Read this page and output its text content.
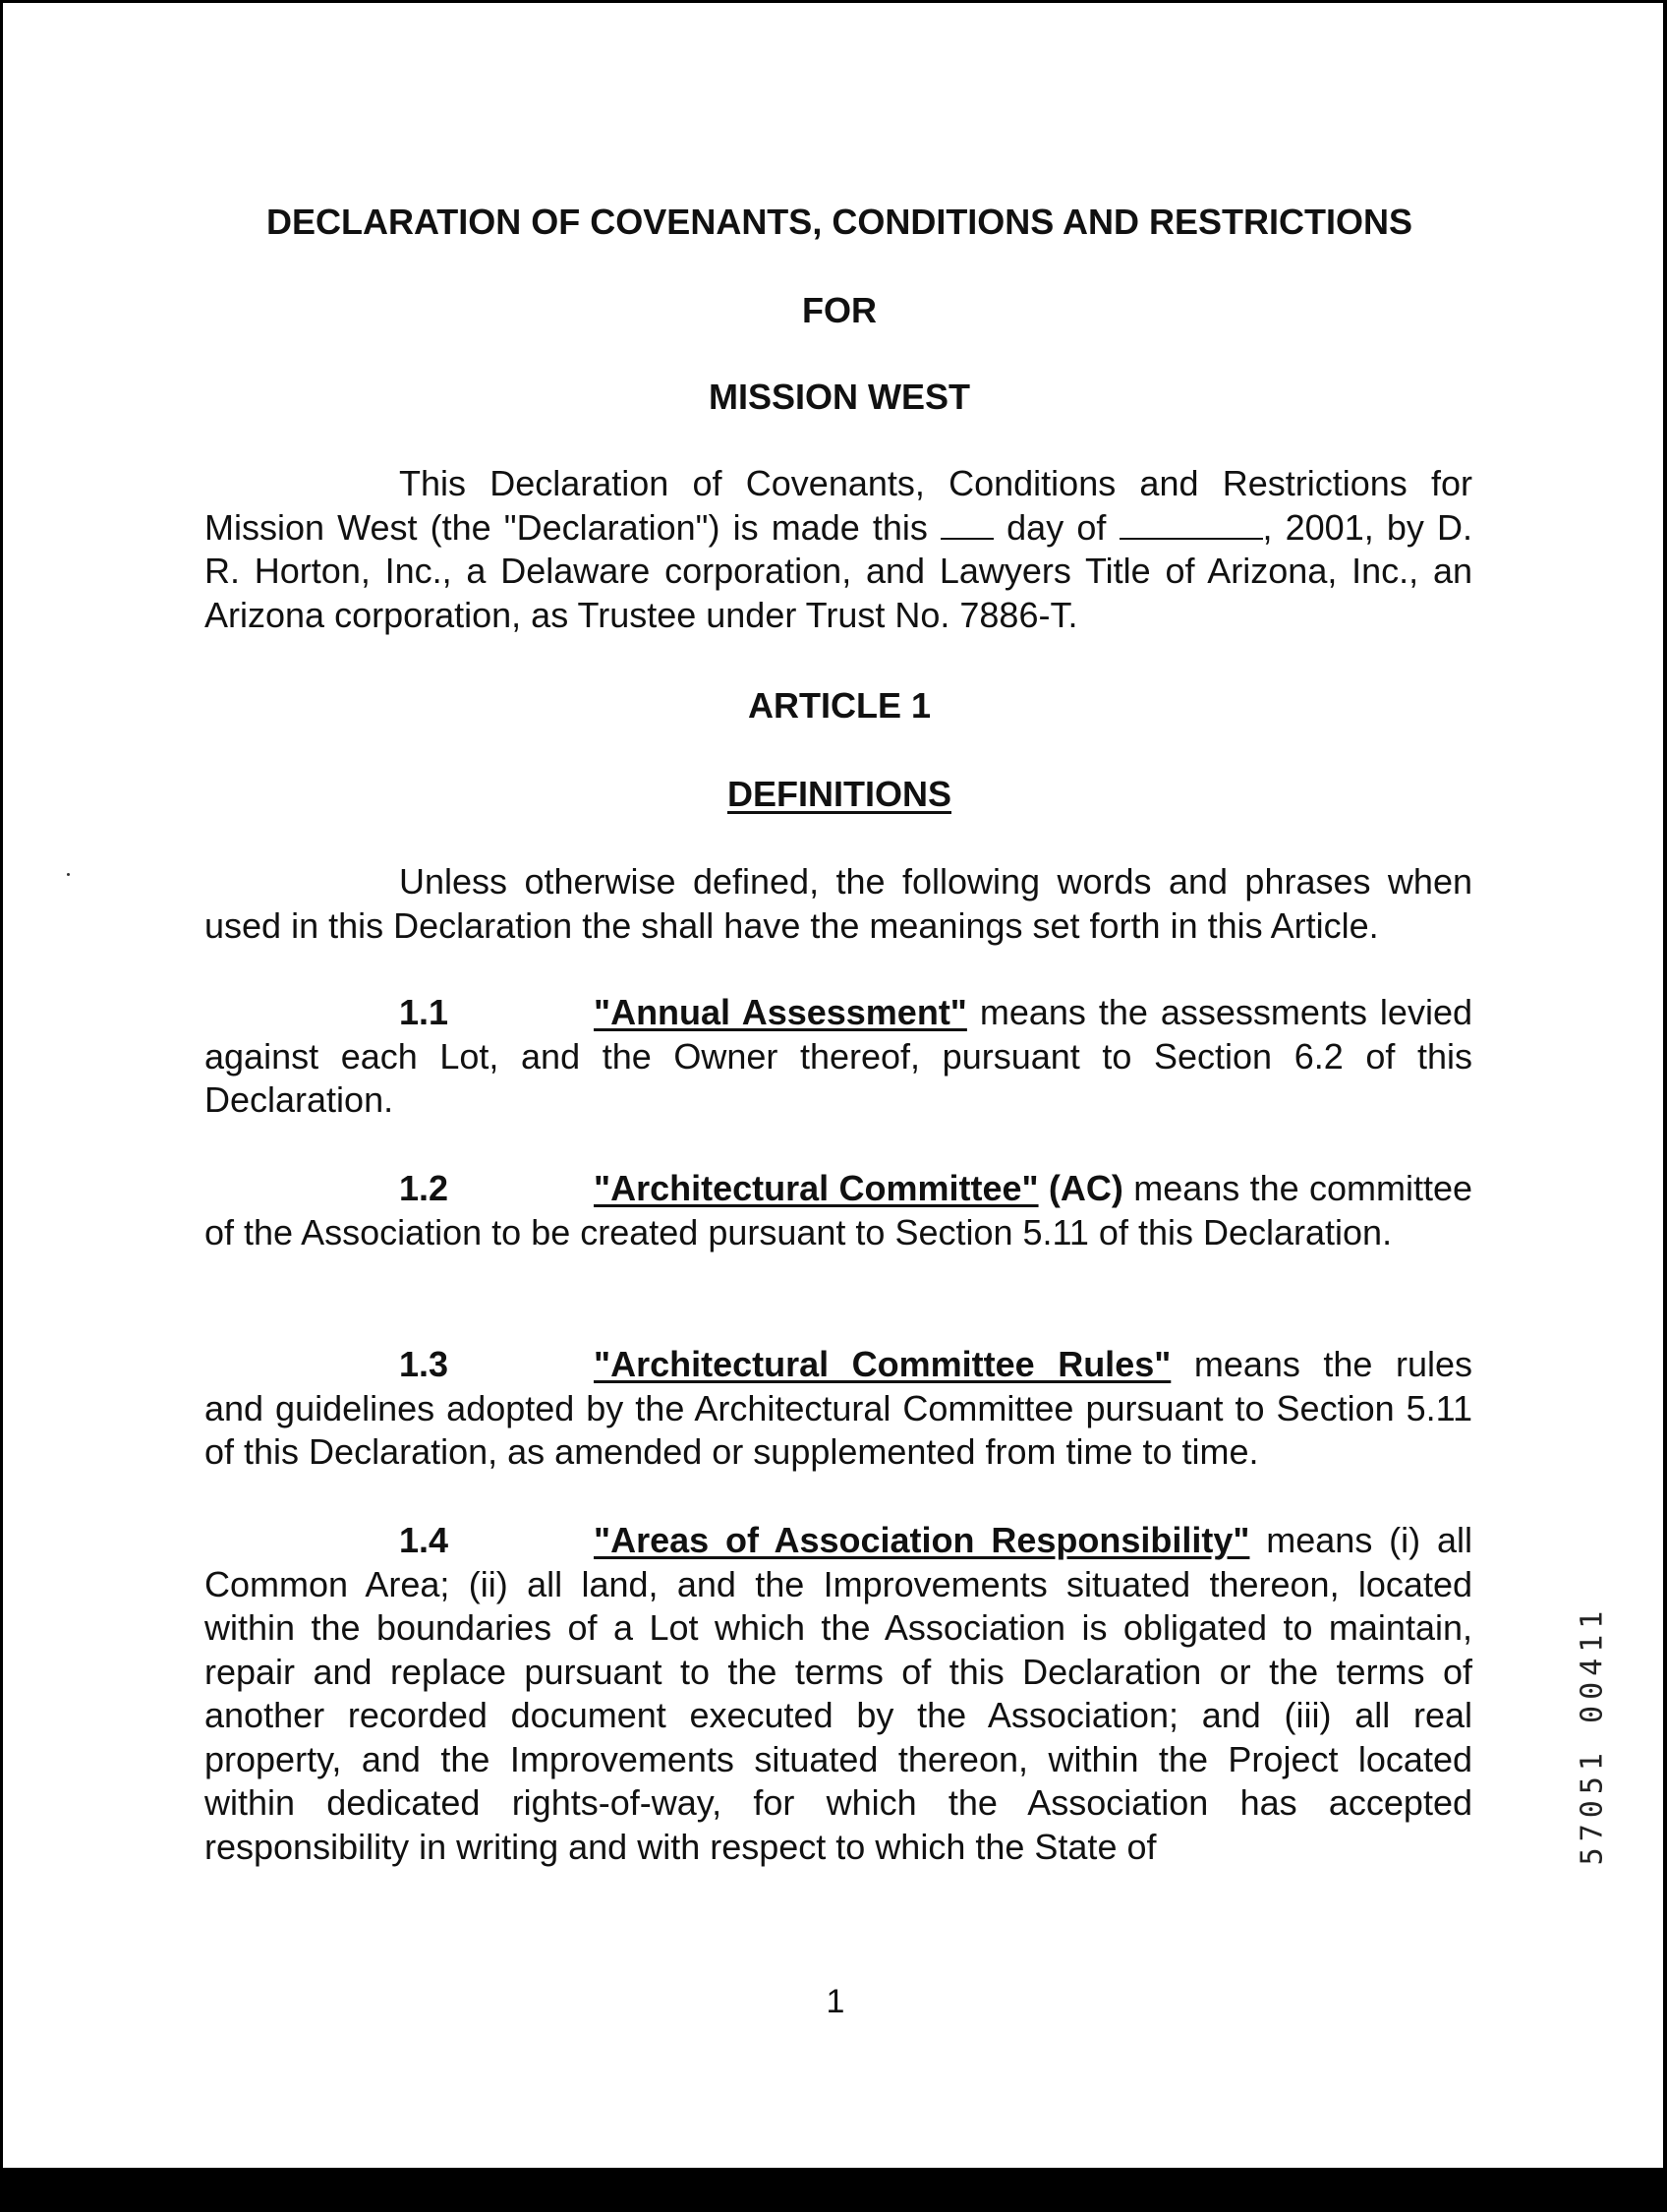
DECLARATION OF COVENANTS, CONDITIONS AND RESTRICTIONS
FOR
MISSION WEST

This Declaration of Covenants, Conditions and Restrictions for Mission West (the "Declaration") is made this  day of	, 2001, by D. R. Horton, Inc., a Delaware corporation, and Lawyers Title of Arizona, Inc., an Arizona corporation, as Trustee under Trust No. 7886-T.

ARTICLE 1
DEFINITIONS

Unless otherwise defined, the following words and phrases when used in this Declaration the shall have the meanings set forth in this Article.

1.1	"Annual Assessment" means the assessments levied against each Lot, and the Owner thereof, pursuant to Section 6.2 of this Declaration.

1.2	"Architectural Committee" (AC) means the committee of the Association to be created pursuant to Section 5.11 of this Declaration.

1.3	"Architectural Committee Rules" means the rules and guidelines adopted by the Architectural Committee pursuant to Section 5.11 of this Declaration, as amended or supplemented from time to time.

1.4	"Areas of Association Responsibility" means (i) all Common Area; (ii) all land, and the Improvements situated thereon, located within the boundaries of a Lot which the Association is obligated to maintain, repair and replace pursuant to the terms of this Declaration or the terms of another recorded document executed by the Association; and (iii) all real property, and the Improvements situated thereon, within the Project located within dedicated rights-of-way, for which the Association has accepted responsibility in writing and with respect to which the State of	57051 00411

1
